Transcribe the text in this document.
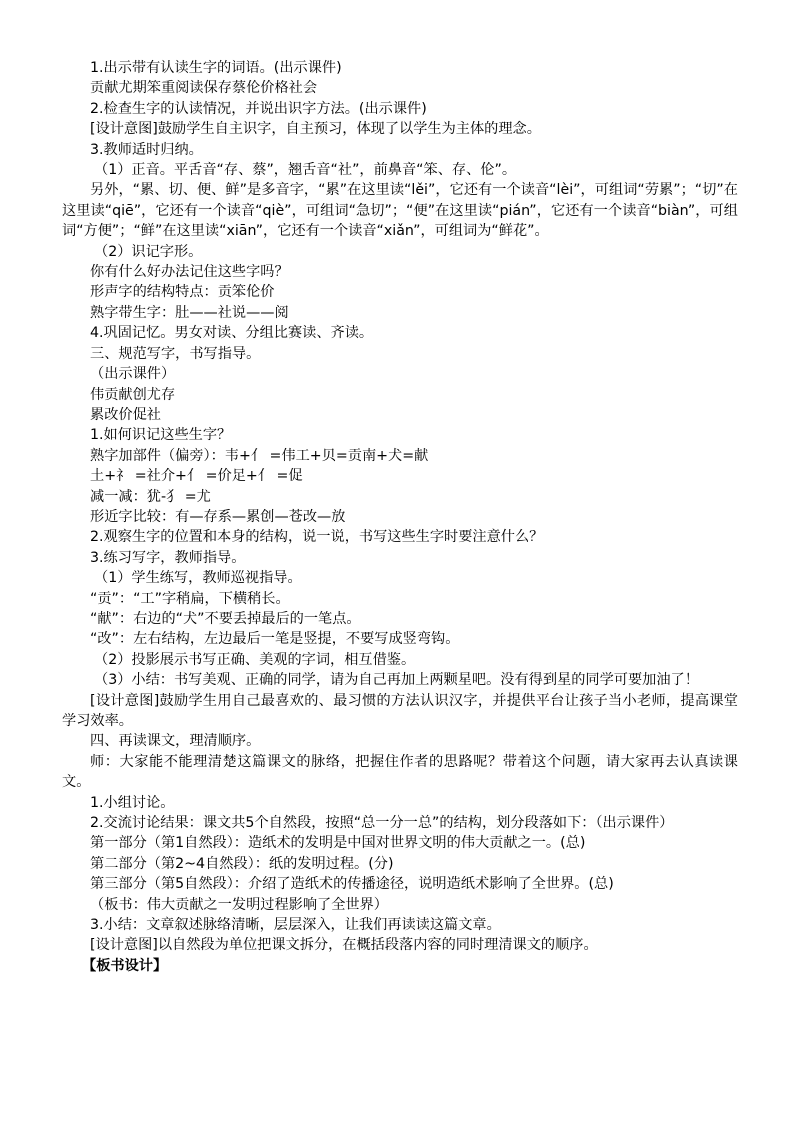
1.出示带有认读生字的词语。(出示课件)

贡献尤期笨重阅读保存蔡伦价格社会

2.检查生字的认读情况，并说出识字方法。(出示课件)

[设计意图]鼓励学生自主识字，自主预习，体现了以学生为主体的理念。

3.教师适时归纳。

（1）正音。平舌音“存、蔡”，翘舌音“社”，前鼻音“笨、存、伦”。

另外，“累、切、便、鲜”是多音字，“累”在这里读“lěi”，它还有一个读音“lèi”，可组词“劳累”；“切”在这里读“qiē”，它还有一个读音“qiè”，可组词“急切”；“便”在这里读“pián”，它还有一个读音“biàn”，可组词“方便”；“鲜”在这里读“xiān”，它还有一个读音“xiǎn”，可组词为“鲜花”。

（2）识记字形。

你有什么好办法记住这些字吗？

形声字的结构特点：贡笨伦价

熟字带生字：肚——社说——阅

4.巩固记忆。男女对读、分组比赛读、齐读。

三、规范写字，书写指导。

（出示课件）

伟贡献创尤存

累改价促社

1.如何识记这些生字？

熟字加部件（偏旁）：韦+亻 =伟工+贝=贡南+犬=献

土+礻 =社介+亻 =价足+亻 =促

减一减：犹-犭 =尤

形近字比较：有—存系—累创—苍改—放

2.观察生字的位置和本身的结构，说一说，书写这些生字时要注意什么？

3.练习写字，教师指导。

（1）学生练写，教师巡视指导。

“贡”：“工”字稍扁，下横稍长。

“献”：右边的“犬”不要丢掉最后的一笔点。

“改”：左右结构，左边最后一笔是竖提，不要写成竖弯钩。

（2）投影展示书写正确、美观的字词，相互借鉴。

（3）小结：书写美观、正确的同学，请为自己再加上两颗星吧。没有得到星的同学可要加油了！

[设计意图]鼓励学生用自己最喜欢的、最习惯的方法认识汉字，并提供平台让孩子当小老师，提高课堂学习效率。

四、再读课文，理清顺序。

师：大家能不能理清楚这篇课文的脉络，把握住作者的思路呢？带着这个问题，请大家再去认真读课文。

1.小组讨论。

2.交流讨论结果：课文共5个自然段，按照“总一分一总”的结构，划分段落如下：（出示课件）

第一部分（第1自然段）：造纸术的发明是中国对世界文明的伟大贡献之一。(总)

第二部分（第2~4自然段）：纸的发明过程。(分)

第三部分（第5自然段）：介绍了造纸术的传播途径，说明造纸术影响了全世界。(总)

（板书：伟大贡献之一发明过程影响了全世界）

3.小结：文章叙述脉络清晰，层层深入，让我们再读读这篇文章。

[设计意图]以自然段为单位把课文拆分，在概括段落内容的同时理清课文的顺序。

【板书设计】
